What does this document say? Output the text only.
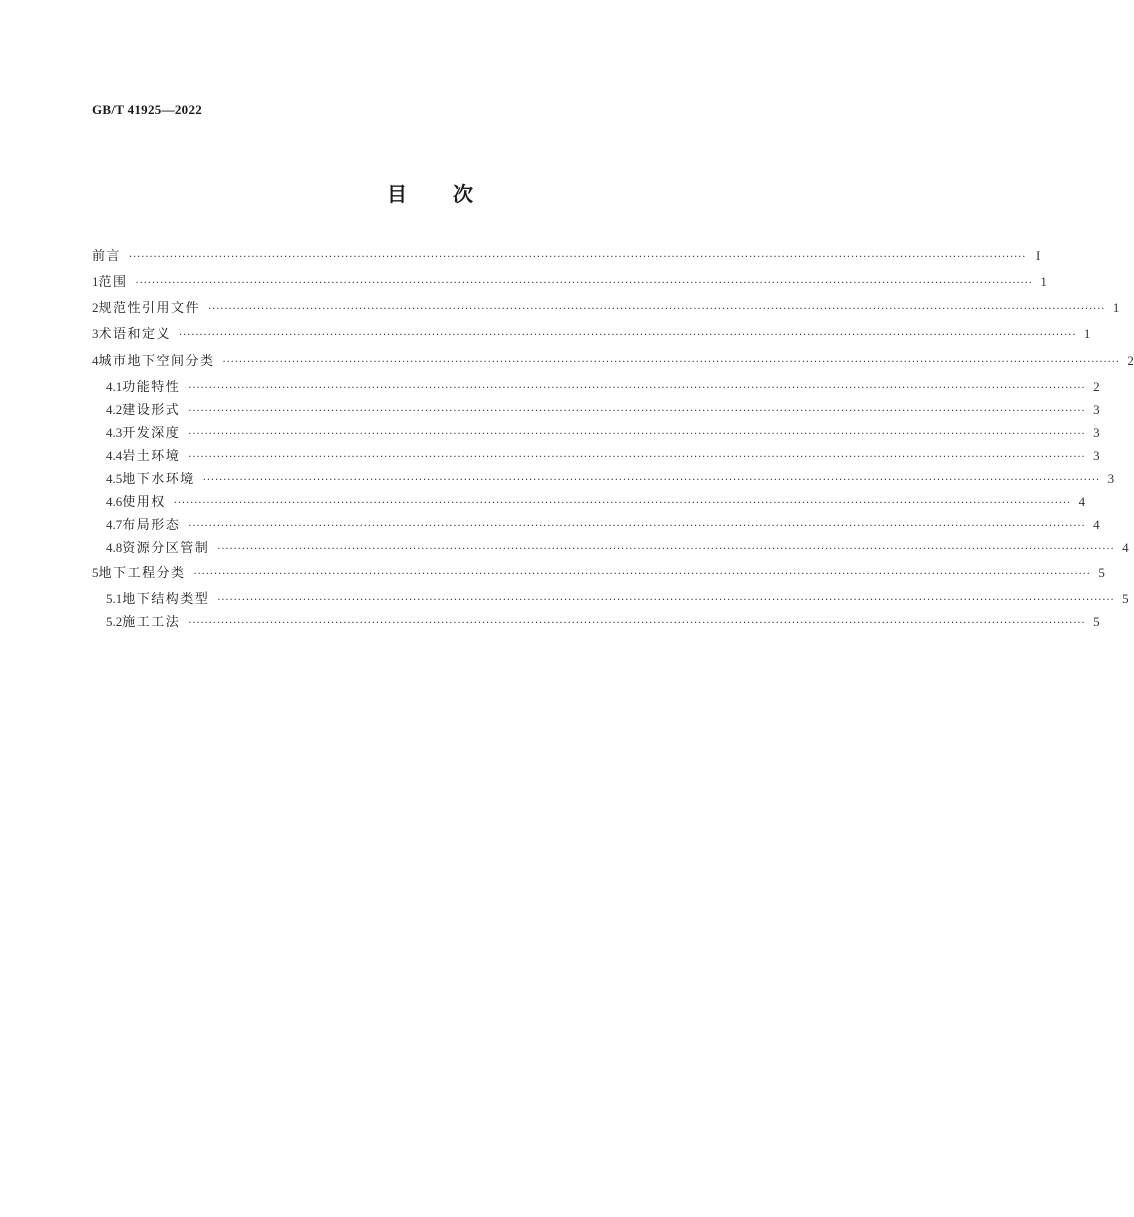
GB/T 41925—2022
目次
前言 ···························································································································································································································· I
1 范围 ···························································································································································································································· 1
2 规范性引用文件 ···························································································································································································································· 1
3 术语和定义 ···························································································································································································································· 1
4 城市地下空间分类 ···························································································································································································································· 2
4.1 功能特性 ···························································································································································································································· 2
4.2 建设形式 ···························································································································································································································· 3
4.3 开发深度 ···························································································································································································································· 3
4.4 岩土环境 ···························································································································································································································· 3
4.5 地下水环境 ···························································································································································································································· 3
4.6 使用权 ···························································································································································································································· 4
4.7 布局形态 ···························································································································································································································· 4
4.8 资源分区管制 ···························································································································································································································· 4
5 地下工程分类 ···························································································································································································································· 5
5.1 地下结构类型 ···························································································································································································································· 5
5.2 施工工法 ···························································································································································································································· 5
